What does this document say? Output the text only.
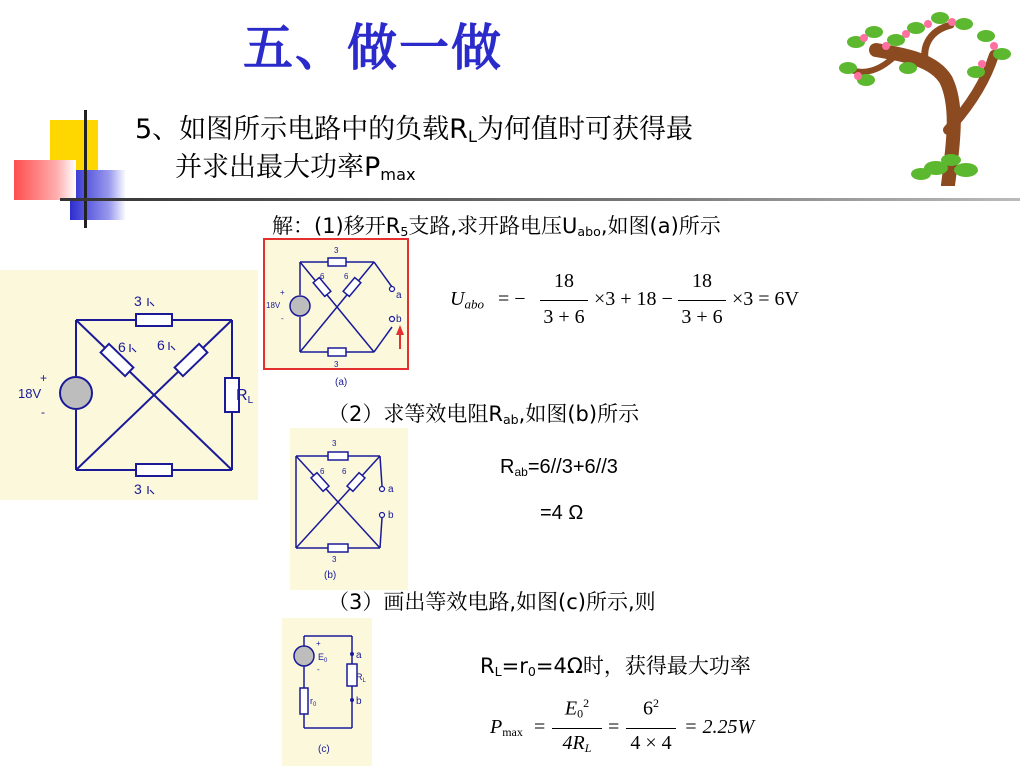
五、做一做
5、如图所示电路中的负载$R_L$为何值时可获得最
并求出最大功率$P_{max}$
解：(1)移开$R_5$支路,求开路电压$U_{abo}$,如图(a)所示
3
6 6
3
+
18V
-
RL
3
6 6
3
+
18V
-
a
b
(a)
$U_{abo}$ = −
18
3 + 6
×3 + 18 −
18
3 + 6
×3 = 6V
（2）求等效电阻$R_{ab}$,如图(b)所示
3
6 6
3
a
b
(b)
$R_{ab}=6//3+6//3$
=4 Ω
（3）画出等效电路,如图(c)所示,则
+
$E_0$
-
a
b
$R_L$
$r_0$
(c)
$R_L=r_0=4\Omega$时，获得最大功率
$P_{max}$ =
$E_0^2$
$4R_L$
=
$6^2$
4 × 4
= 2.25W
